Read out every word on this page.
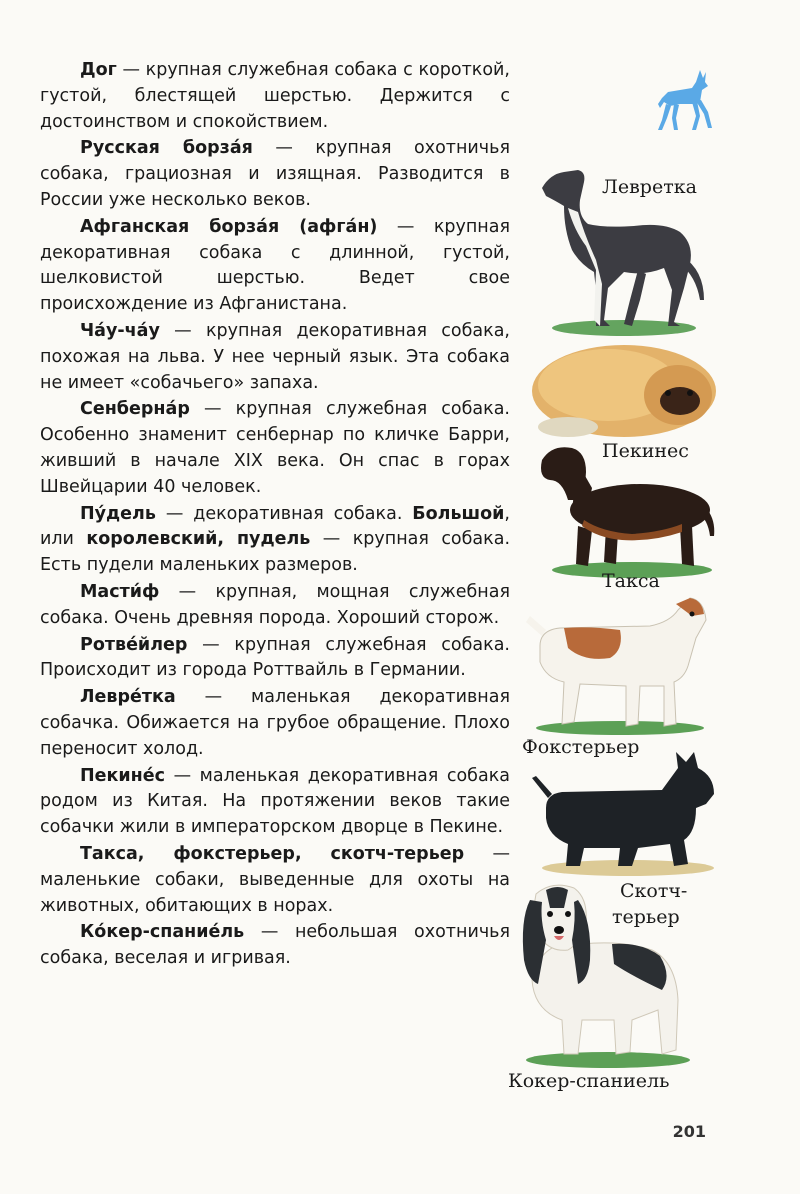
Дог — крупная служебная собака с короткой, густой, блестящей шерстью. Держится с достоинством и спокойствием.

Русская борза́я — крупная охотничья собака, грациозная и изящная. Разводится в России уже несколько веков.

Афганская борза́я (афга́н) — крупная декоративная собака с длинной, густой, шелковистой шерстью. Ведет свое происхождение из Афганистана.

Ча́у-ча́у — крупная декоративная собака, похожая на льва. У нее черный язык. Эта собака не имеет «собачьего» запаха.

Сенберна́р — крупная служебная собака. Особенно знаменит сенбернар по кличке Барри, живший в начале XIX века. Он спас в горах Швейцарии 40 человек.

Пу́дель — декоративная собака. Большой, или королевский, пудель — крупная собака. Есть пудели маленьких размеров.

Масти́ф — крупная, мощная служебная собака. Очень древняя порода. Хороший сторож.

Ротве́йлер — крупная служебная собака. Происходит из города Роттвайль в Германии.

Левре́тка — маленькая декоративная собачка. Обижается на грубое обращение. Плохо переносит холод.

Пекине́с — маленькая декоративная собака родом из Китая. На протяжении веков такие собачки жили в императорском дворце в Пекине.

Такса, фокстерьер, скотч-терьер — маленькие собаки, выведенные для охоты на животных, обитающих в норах.

Ко́кер-спание́ль — небольшая охотничья собака, веселая и игривая.

Левретка
Пекинес
Такса
Фокстерьер
Скотч-
терьер
Кокер-спаниель
201
